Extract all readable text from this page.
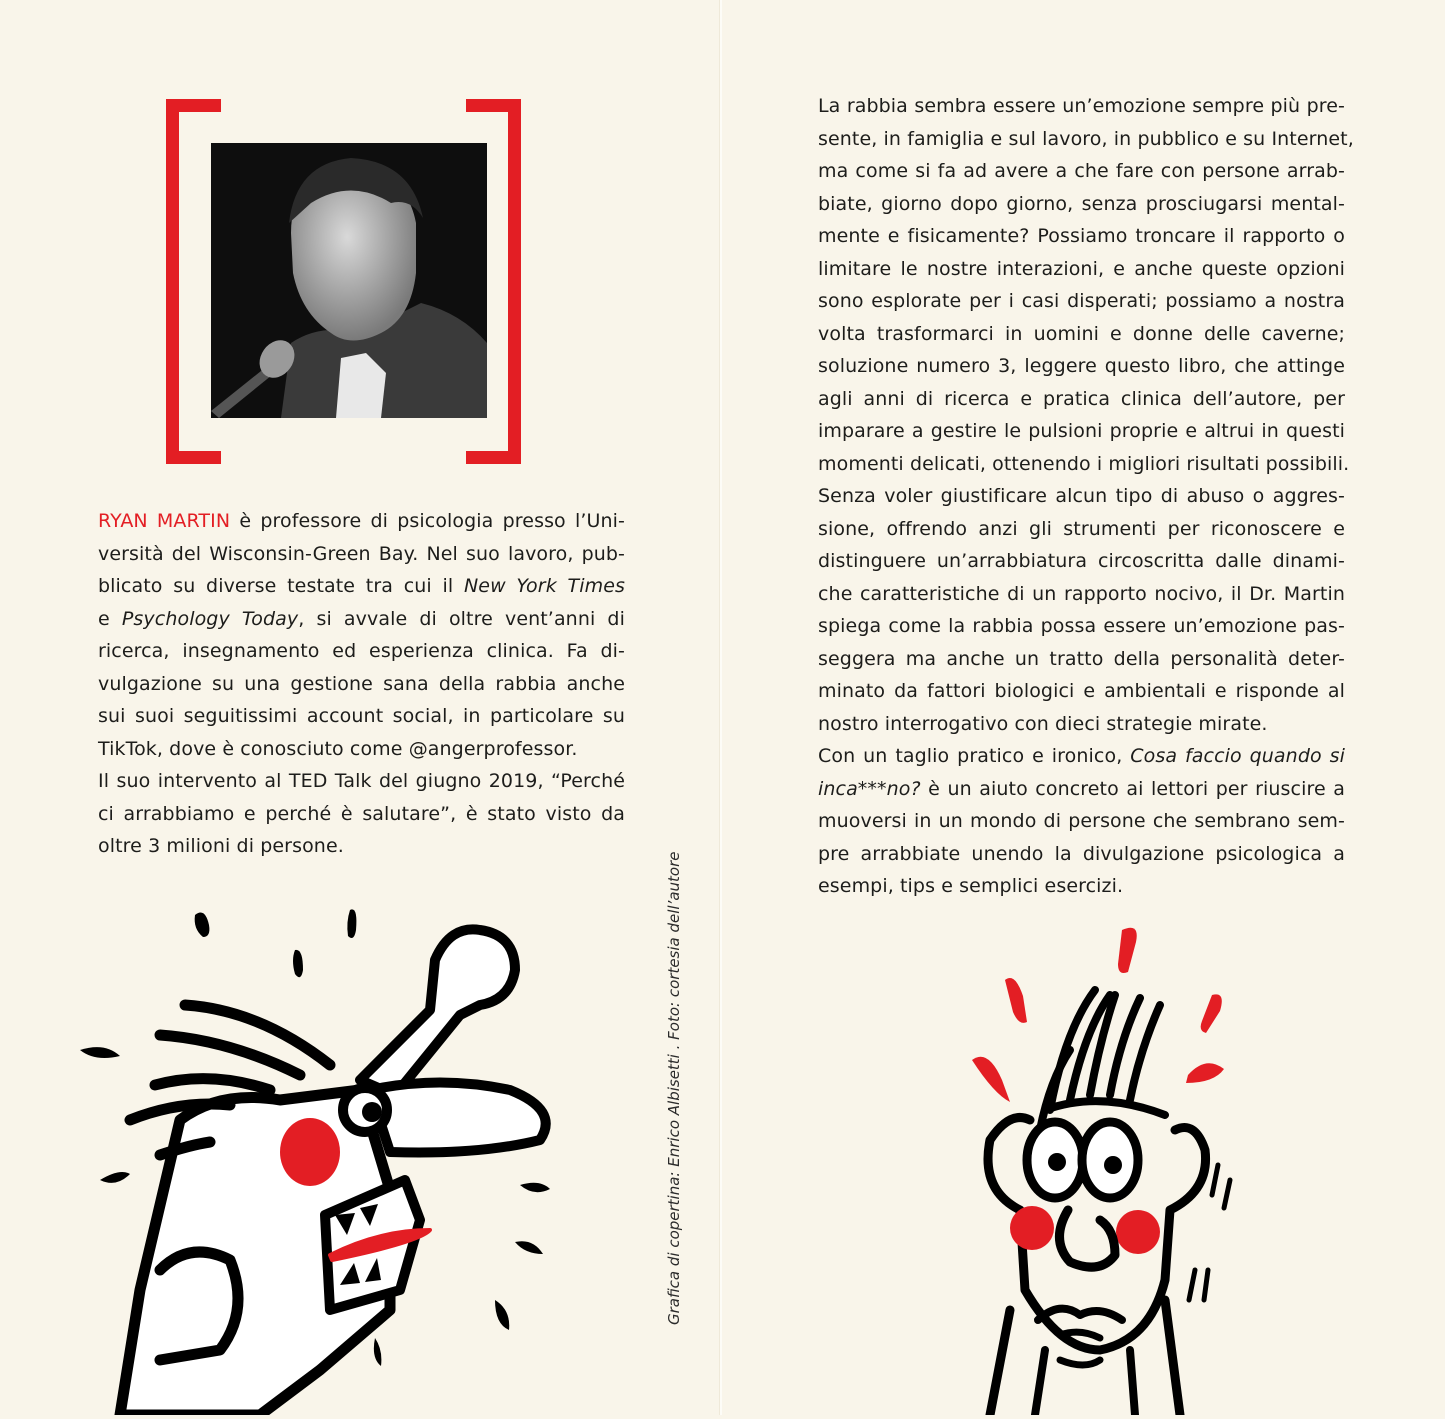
RYAN MARTIN è professore di psicologia presso l’Uni-
versità del Wisconsin-Green Bay. Nel suo lavoro, pub-
blicato su diverse testate tra cui il New York Times
e Psychology Today, si avvale di oltre vent’anni di
ricerca, insegnamento ed esperienza clinica. Fa di-
vulgazione su una gestione sana della rabbia anche
sui suoi seguitissimi account social, in particolare su
TikTok, dove è conosciuto come @angerprofessor.
Il suo intervento al TED Talk del giugno 2019, “Perché
ci arrabbiamo e perché è salutare”, è stato visto da
oltre 3 milioni di persone.
Grafica di copertina: Enrico Albisetti . Foto: cortesia dell’autore
La rabbia sembra essere un’emozione sempre più pre-
sente, in famiglia e sul lavoro, in pubblico e su Internet,
ma come si fa ad avere a che fare con persone arrab-
biate, giorno dopo giorno, senza prosciugarsi mental-
mente e fisicamente? Possiamo troncare il rapporto o
limitare le nostre interazioni, e anche queste opzioni
sono esplorate per i casi disperati; possiamo a nostra
volta trasformarci in uomini e donne delle caverne;
soluzione numero 3, leggere questo libro, che attinge
agli anni di ricerca e pratica clinica dell’autore, per
imparare a gestire le pulsioni proprie e altrui in questi
momenti delicati, ottenendo i migliori risultati possibili.
Senza voler giustificare alcun tipo di abuso o aggres-
sione, offrendo anzi gli strumenti per riconoscere e
distinguere un’arrabbiatura circoscritta dalle dinami-
che caratteristiche di un rapporto nocivo, il Dr. Martin
spiega come la rabbia possa essere un’emozione pas-
seggera ma anche un tratto della personalità deter-
minato da fattori biologici e ambientali e risponde al
nostro interrogativo con dieci strategie mirate.
Con un taglio pratico e ironico, Cosa faccio quando si
inca***no? è un aiuto concreto ai lettori per riuscire a
muoversi in un mondo di persone che sembrano sem-
pre arrabbiate unendo la divulgazione psicologica a
esempi, tips e semplici esercizi.
